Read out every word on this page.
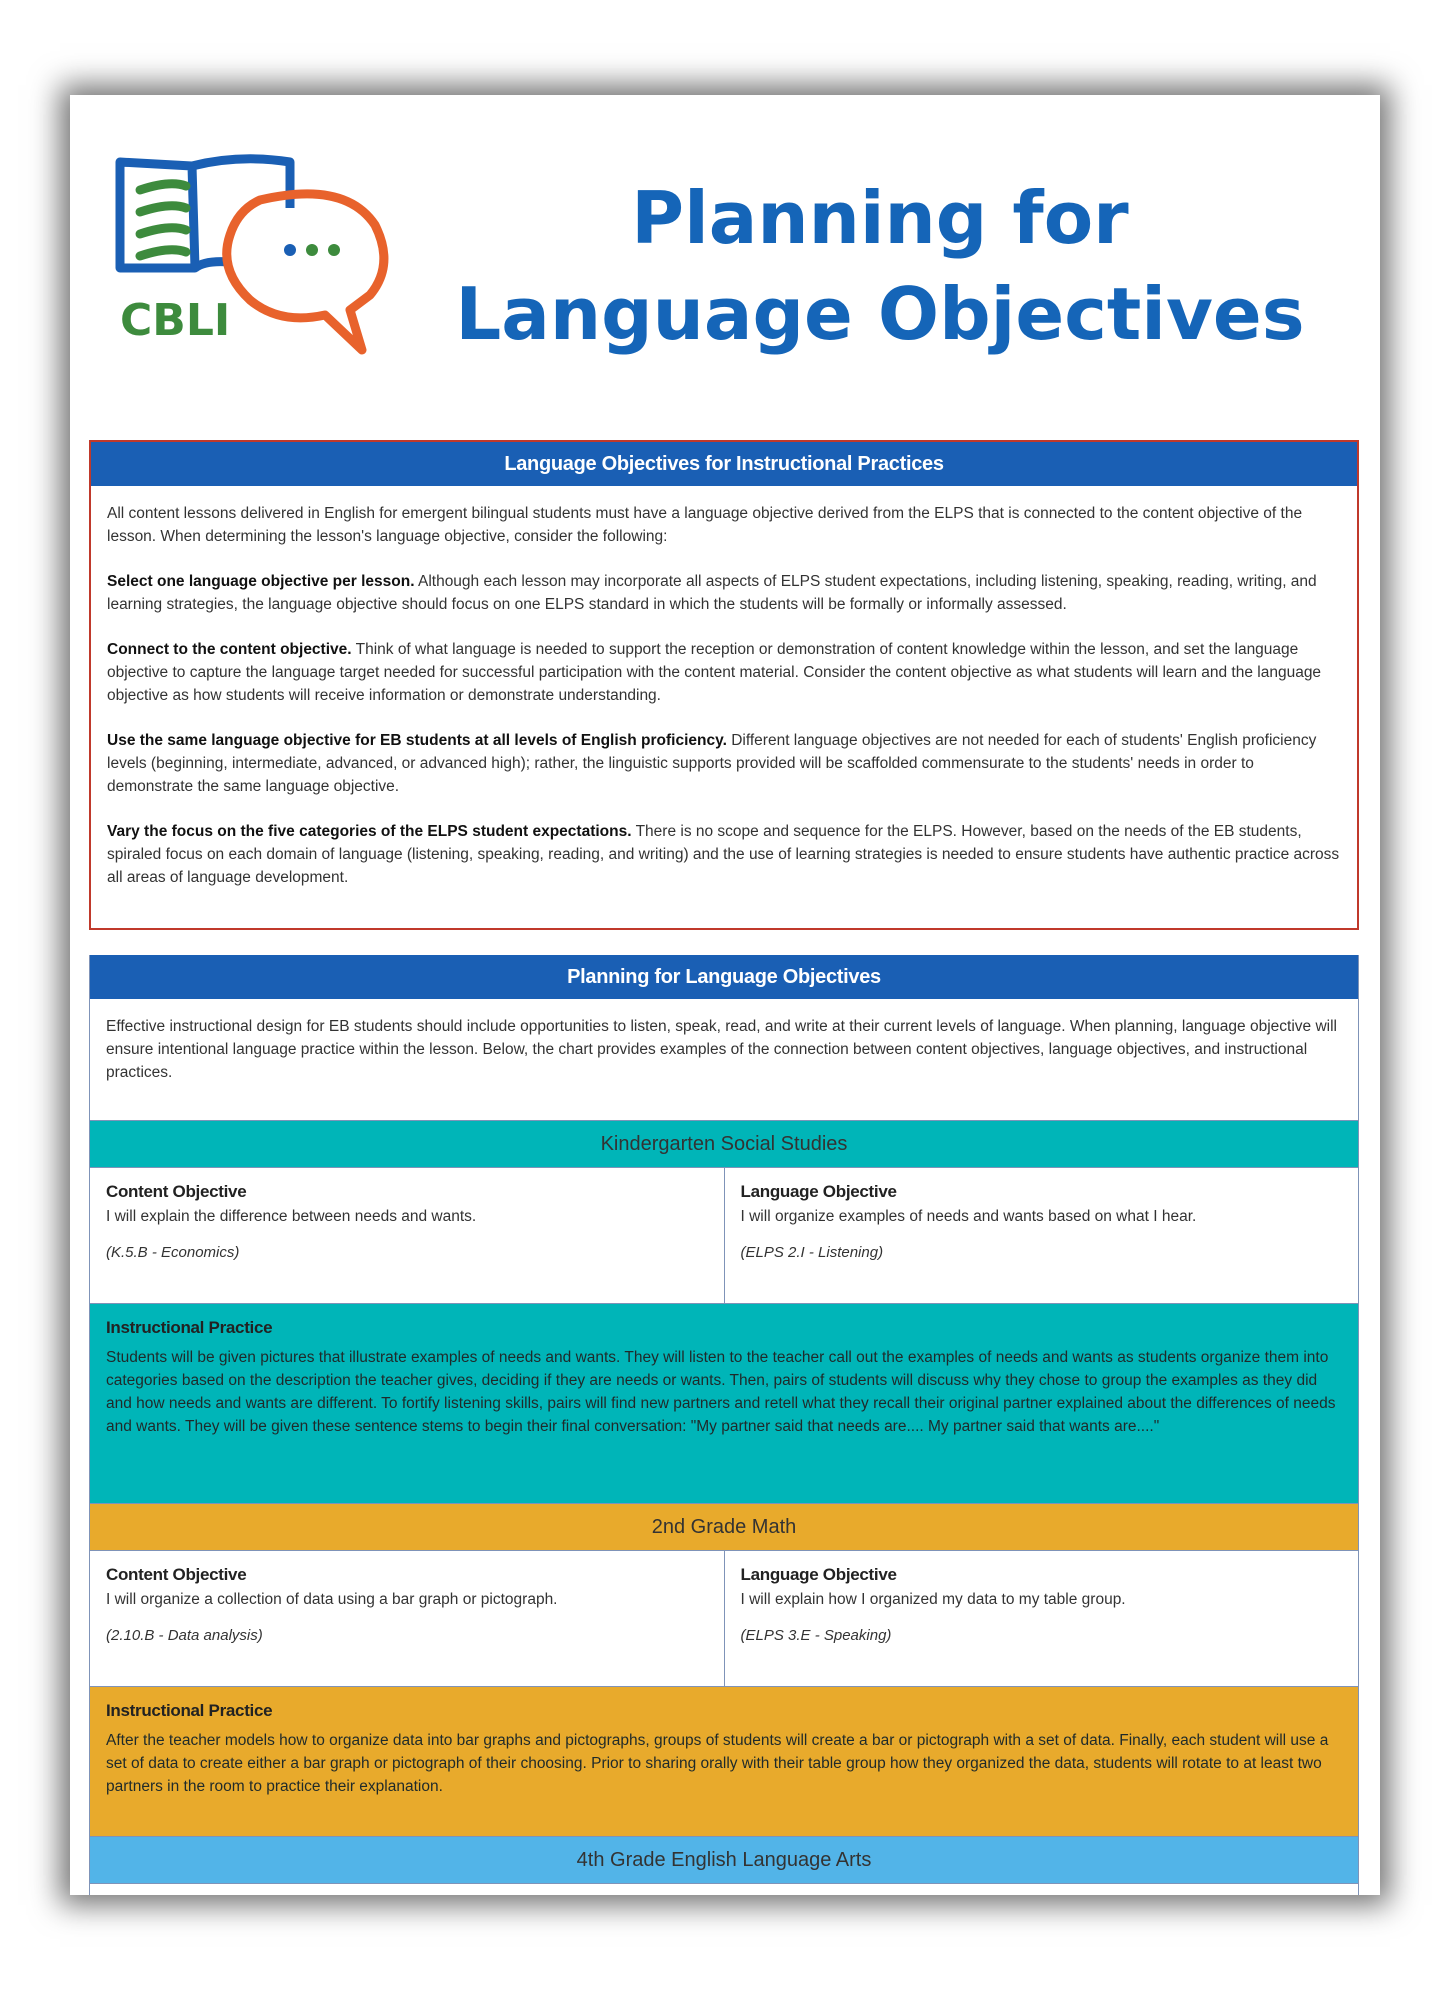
CBLI
Planning for
Language Objectives
Language Objectives for Instructional Practices

All content lessons delivered in English for emergent bilingual students must have a language objective derived from the ELPS that is connected to the content objective of the lesson. When determining the lesson's language objective, consider the following:

Select one language objective per lesson. Although each lesson may incorporate all aspects of ELPS student expectations, including listening, speaking, reading, writing, and learning strategies, the language objective should focus on one ELPS standard in which the students will be formally or informally assessed.

Connect to the content objective. Think of what language is needed to support the reception or demonstration of content knowledge within the lesson, and set the language objective to capture the language target needed for successful participation with the content material. Consider the content objective as what students will learn and the language objective as how students will receive information or demonstrate understanding.

Use the same language objective for EB students at all levels of English proficiency. Different language objectives are not needed for each of students' English proficiency levels (beginning, intermediate, advanced, or advanced high); rather, the linguistic supports provided will be scaffolded commensurate to the students' needs in order to demonstrate the same language objective.

Vary the focus on the five categories of the ELPS student expectations. There is no scope and sequence for the ELPS. However, based on the needs of the EB students, spiraled focus on each domain of language (listening, speaking, reading, and writing) and the use of learning strategies is needed to ensure students have authentic practice across all areas of language development.

Planning for Language Objectives
Effective instructional design for EB students should include opportunities to listen, speak, read, and write at their current levels of language. When planning, language objective will ensure intentional language practice within the lesson. Below, the chart provides examples of the connection between content objectives, language objectives, and instructional practices.
Kindergarten Social Studies
Content Objective

I will explain the difference between needs and wants.

(K.5.B - Economics)
Language Objective

I will organize examples of needs and wants based on what I hear.

(ELPS 2.I - Listening)
Instructional Practice

Students will be given pictures that illustrate examples of needs and wants. They will listen to the teacher call out the examples of needs and wants as students organize them into categories based on the description the teacher gives, deciding if they are needs or wants. Then, pairs of students will discuss why they chose to group the examples as they did and how needs and wants are different. To fortify listening skills, pairs will find new partners and retell what they recall their original partner explained about the differences of needs and wants. They will be given these sentence stems to begin their final conversation: "My partner said that needs are.... My partner said that wants are...."

2nd Grade Math
Content Objective

I will organize a collection of data using a bar graph or pictograph.

(2.10.B - Data analysis)
Language Objective

I will explain how I organized my data to my table group.

(ELPS 3.E - Speaking)
Instructional Practice

After the teacher models how to organize data into bar graphs and pictographs, groups of students will create a bar or pictograph with a set of data. Finally, each student will use a set of data to create either a bar graph or pictograph of their choosing. Prior to sharing orally with their table group how they organized the data, students will rotate to at least two partners in the room to practice their explanation.

4th Grade English Language Arts
